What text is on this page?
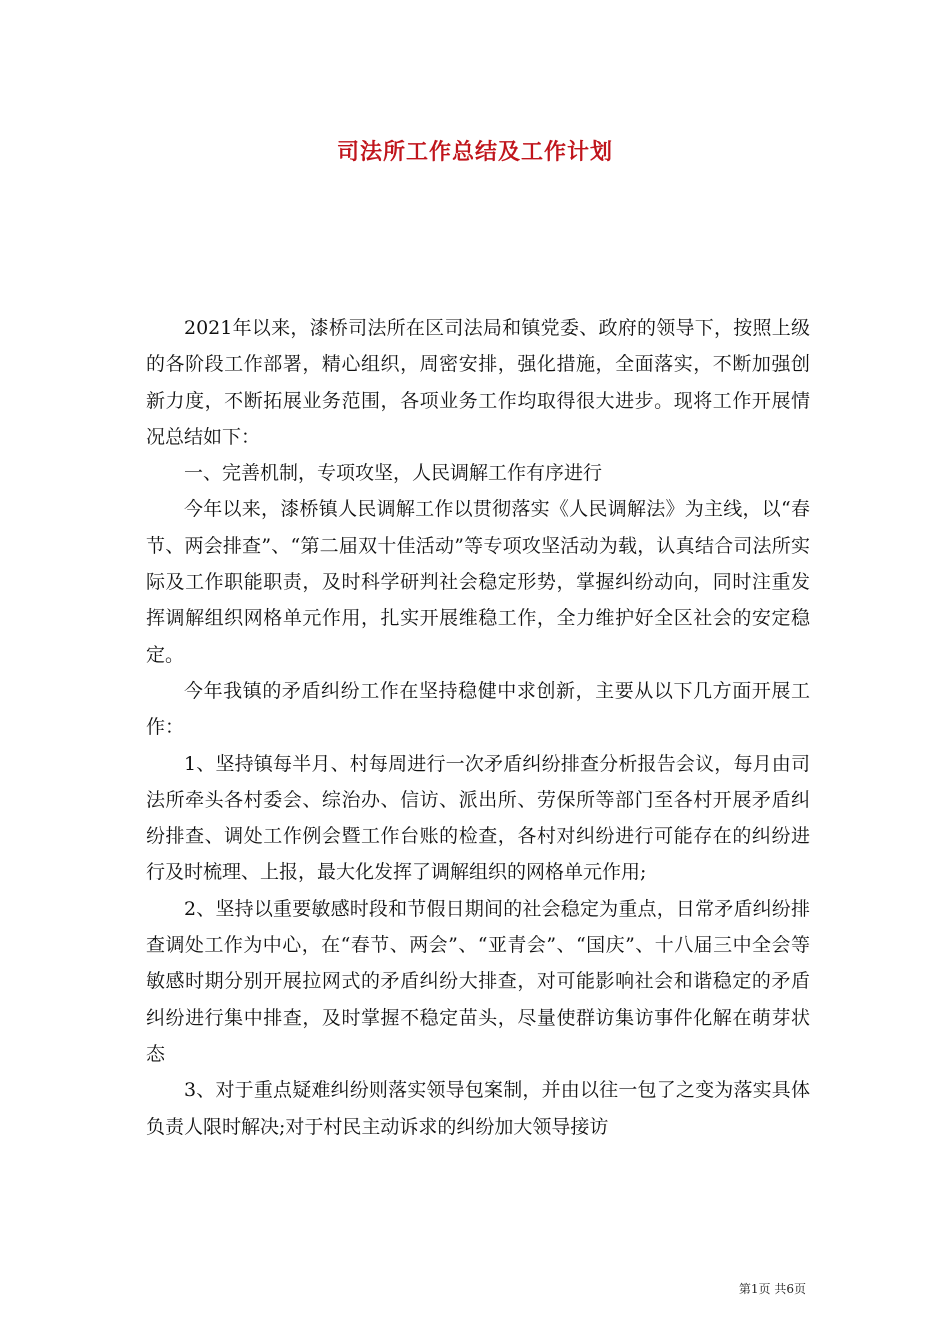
司法所工作总结及工作计划

2021年以来，漆桥司法所在区司法局和镇党委、政府的领导下，按照上级的各阶段工作部署，精心组织，周密安排，强化措施，全面落实，不断加强创新力度，不断拓展业务范围，各项业务工作均取得很大进步。现将工作开展情况总结如下：

一、完善机制，专项攻坚，人民调解工作有序进行

今年以来，漆桥镇人民调解工作以贯彻落实《人民调解法》为主线，以“春节、两会排查”、“第二届双十佳活动”等专项攻坚活动为载，认真结合司法所实际及工作职能职责，及时科学研判社会稳定形势，掌握纠纷动向，同时注重发挥调解组织网格单元作用，扎实开展维稳工作，全力维护好全区社会的安定稳定。

今年我镇的矛盾纠纷工作在坚持稳健中求创新，主要从以下几方面开展工作：

1、坚持镇每半月、村每周进行一次矛盾纠纷排查分析报告会议，每月由司法所牵头各村委会、综治办、信访、派出所、劳保所等部门至各村开展矛盾纠纷排查、调处工作例会暨工作台账的检查，各村对纠纷进行可能存在的纠纷进行及时梳理、上报，最大化发挥了调解组织的网格单元作用;

2、坚持以重要敏感时段和节假日期间的社会稳定为重点，日常矛盾纠纷排查调处工作为中心，在“春节、两会”、“亚青会”、“国庆”、十八届三中全会等敏感时期分别开展拉网式的矛盾纠纷大排查，对可能影响社会和谐稳定的矛盾纠纷进行集中排查，及时掌握不稳定苗头，尽量使群访集访事件化解在萌芽状态

3、对于重点疑难纠纷则落实领导包案制，并由以往一包了之变为落实具体负责人限时解决;对于村民主动诉求的纠纷加大领导接访

第1页 共6页
